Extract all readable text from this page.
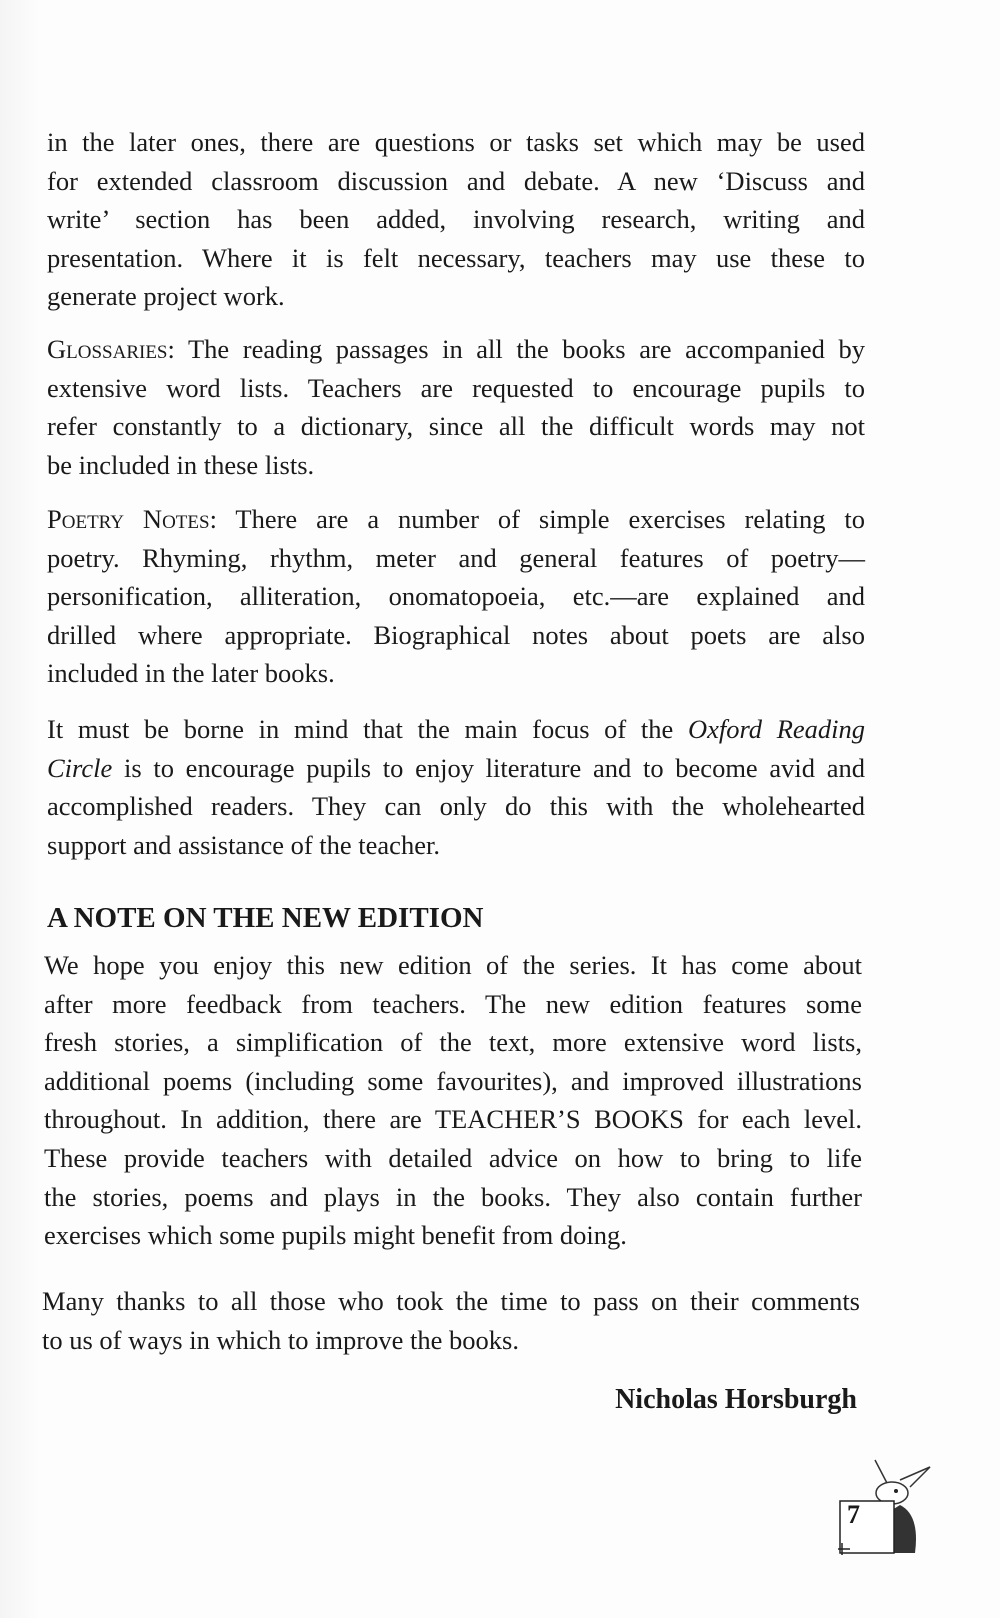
in the later ones, there are questions or tasks set which may be used
for extended classroom discussion and debate. A new ‘Discuss and
write’ section has been added, involving research, writing and
presentation. Where it is felt necessary, teachers may use these to
generate project work.
Glossaries: The reading passages in all the books are accompanied by
extensive word lists. Teachers are requested to encourage pupils to
refer constantly to a dictionary, since all the difficult words may not
be included in these lists.
Poetry Notes: There are a number of simple exercises relating to
poetry. Rhyming, rhythm, meter and general features of poetry—
personification, alliteration, onomatopoeia, etc.—are explained and
drilled where appropriate. Biographical notes about poets are also
included in the later books.
It must be borne in mind that the main focus of the Oxford Reading
Circle is to encourage pupils to enjoy literature and to become avid and
accomplished readers. They can only do this with the wholehearted
support and assistance of the teacher.
A NOTE ON THE NEW EDITION
We hope you enjoy this new edition of the series. It has come about
after more feedback from teachers. The new edition features some
fresh stories, a simplification of the text, more extensive word lists,
additional poems (including some favourites), and improved illustrations
throughout. In addition, there are TEACHER’S BOOKS for each level.
These provide teachers with detailed advice on how to bring to life
the stories, poems and plays in the books. They also contain further
exercises which some pupils might benefit from doing.
Many thanks to all those who took the time to pass on their comments
to us of ways in which to improve the books.
Nicholas Horsburgh
7
